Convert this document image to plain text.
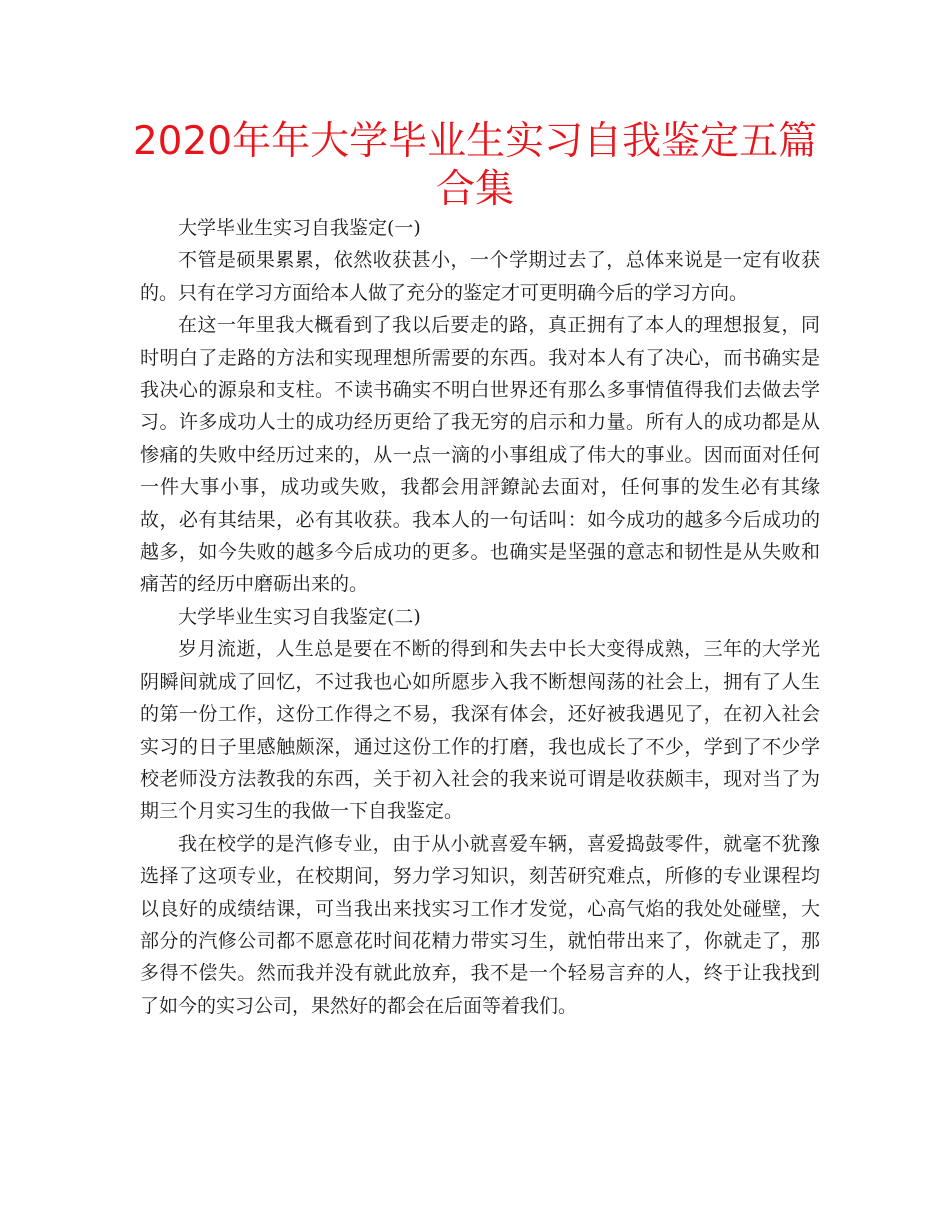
2020年年大学毕业生实习自我鉴定五篇合集

大学毕业生实习自我鉴定(一)

不管是硕果累累，依然收获甚小，一个学期过去了，总体来说是一定有收获的。只有在学习方面给本人做了充分的鉴定才可更明确今后的学习方向。

在这一年里我大概看到了我以后要走的路，真正拥有了本人的理想报复，同时明白了走路的方法和实现理想所需要的东西。我对本人有了决心，而书确实是我决心的源泉和支柱。不读书确实不明白世界还有那么多事情值得我们去做去学习。许多成功人士的成功经历更给了我无穷的启示和力量。所有人的成功都是从惨痛的失败中经历过来的，从一点一滴的小事组成了伟大的事业。因而面对任何一件大事小事，成功或失败，我都会用評鐐訫去面对，任何事的发生必有其缘故，必有其结果，必有其收获。我本人的一句话叫：如今成功的越多今后成功的越多，如今失败的越多今后成功的更多。也确实是坚强的意志和韧性是从失败和痛苦的经历中磨砺出来的。

大学毕业生实习自我鉴定(二)

岁月流逝，人生总是要在不断的得到和失去中长大变得成熟，三年的大学光阴瞬间就成了回忆，不过我也心如所愿步入我不断想闯荡的社会上，拥有了人生的第一份工作，这份工作得之不易，我深有体会，还好被我遇见了，在初入社会实习的日子里感触颇深，通过这份工作的打磨，我也成长了不少，学到了不少学校老师没方法教我的东西，关于初入社会的我来说可谓是收获颇丰，现对当了为期三个月实习生的我做一下自我鉴定。

我在校学的是汽修专业，由于从小就喜爱车辆，喜爱捣鼓零件，就毫不犹豫选择了这项专业，在校期间，努力学习知识，刻苦研究难点，所修的专业课程均以良好的成绩结课，可当我出来找实习工作才发觉，心高气焰的我处处碰壁，大部分的汽修公司都不愿意花时间花精力带实习生，就怕带出来了，你就走了，那多得不偿失。然而我并没有就此放弃，我不是一个轻易言弃的人，终于让我找到了如今的实习公司，果然好的都会在后面等着我们。
